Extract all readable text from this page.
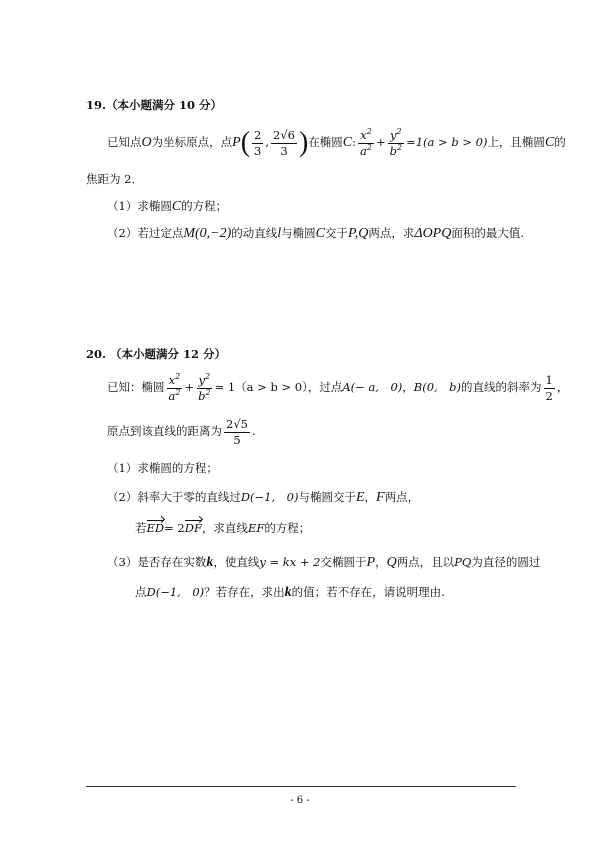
19.（本小题满分 10 分）
已知点 O 为坐标原点，点 P ( $\frac{2}{3}$ , $\frac{2√6}{3}$ ) 在椭圆 C : $\frac{x^2}{a^2} + \frac{y^2}{b^2} =1(a > b > 0)$ 上，且椭圆 C 的
焦距为 2．
（1）求椭圆C的方程；
（2）若过定点M(0,−2)的动直线l与椭圆C交于P,Q两点，求ΔOPQ面积的最大值.
20. （本小题满分 12 分）
已知：椭圆 $\frac{x^2}{a^2} + \frac{y^2}{b^2} = 1$ （a > b > 0），过点 A(− a,　0) ， B(0,　b) 的直线的斜率为 $\frac{1}{2}$ ，
原点到该直线的距离为 $\frac{2√5}{5}$ .
（1）求椭圆的方程；
（2）斜率大于零的直线过D(−1,　0)与椭圆交于E，F两点，
若ED= 2DF，求直线EF的方程；
（3）是否存在实数k，使直线y = kx + 2交椭圆于P，Q两点，且以PQ为直径的圆过
点D(−1,　0)？若存在，求出k的值；若不存在，请说明理由.
- 6 -
